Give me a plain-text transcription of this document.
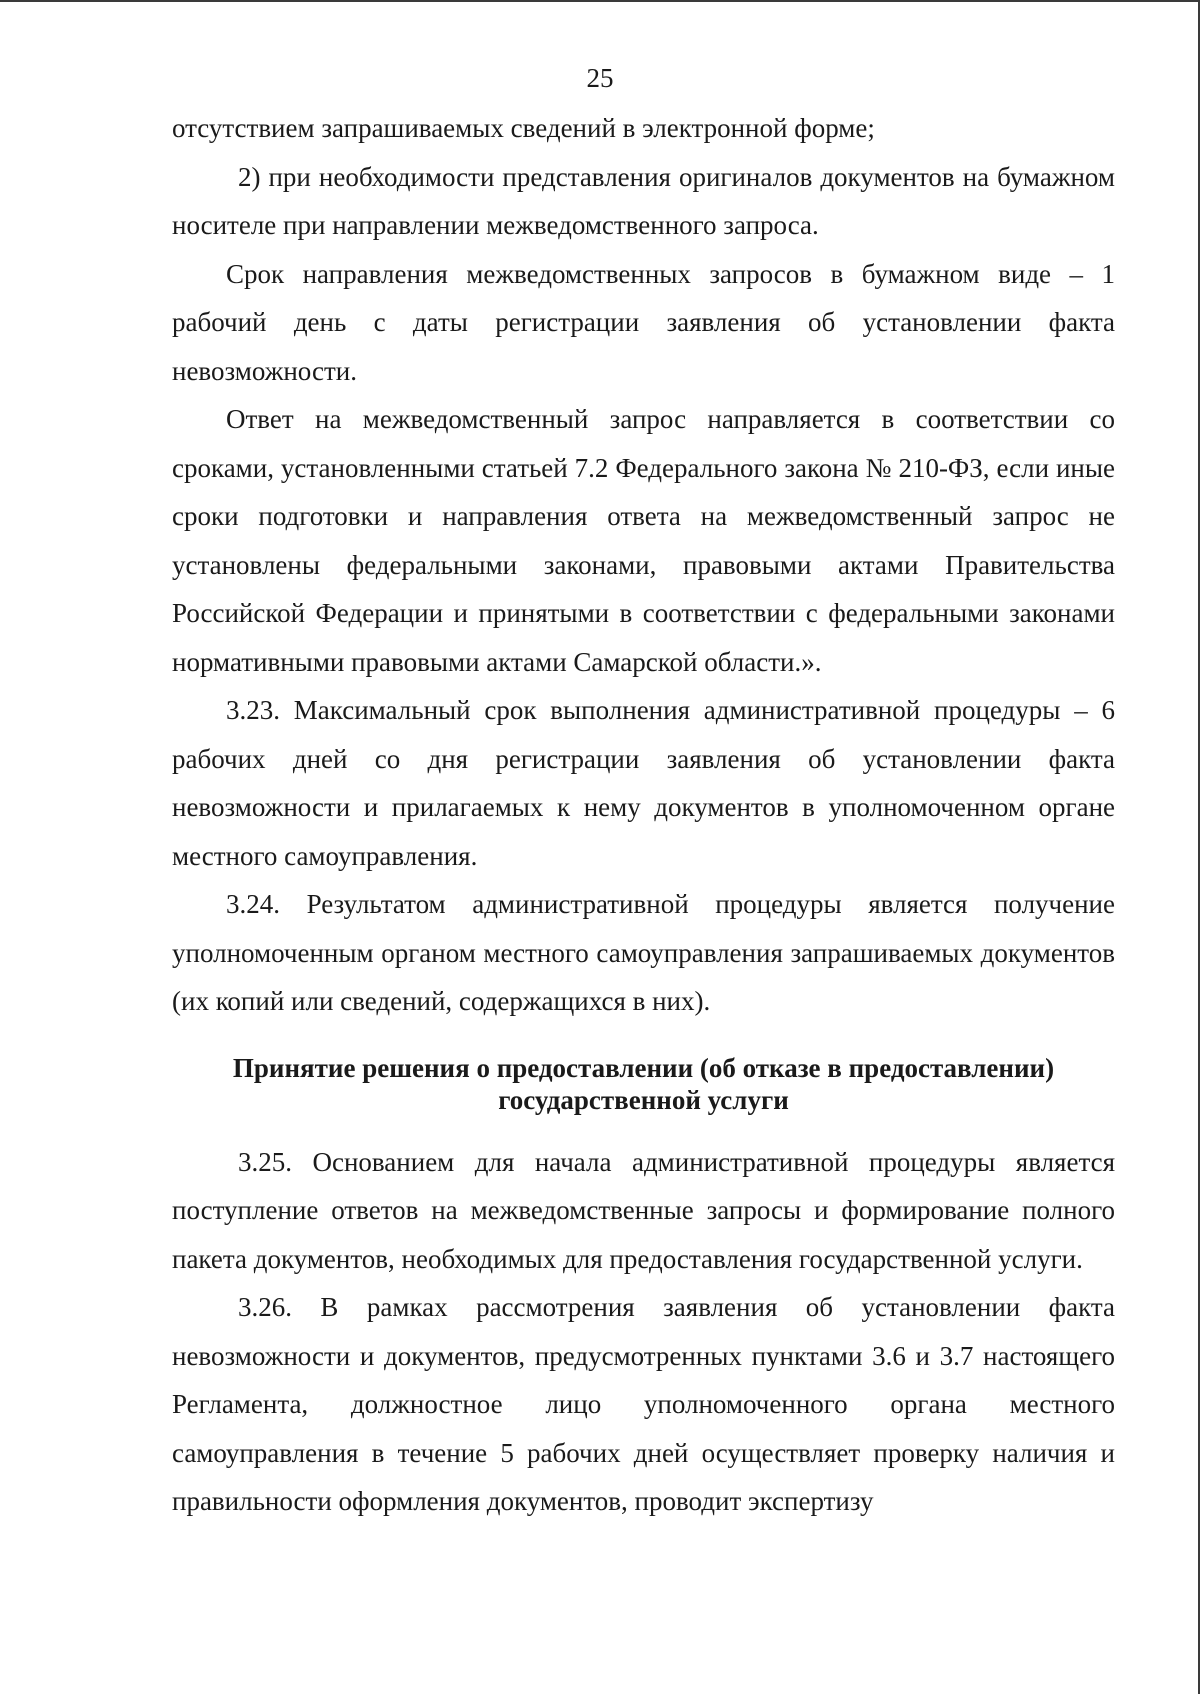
25

отсутствием запрашиваемых сведений в электронной форме;

2) при необходимости представления оригиналов документов на бумажном носителе при направлении межведомственного запроса.

Срок направления межведомственных запросов в бумажном виде – 1 рабочий день с даты регистрации заявления об установлении факта невозможности.

Ответ на межведомственный запрос направляется в соответствии со сроками, установленными статьей 7.2 Федерального закона № 210-ФЗ, если иные сроки подготовки и направления ответа на межведомственный запрос не установлены федеральными законами, правовыми актами Правительства Российской Федерации и принятыми в соответствии с федеральными законами нормативными правовыми актами Самарской области.».

3.23. Максимальный срок выполнения административной процедуры – 6 рабочих дней со дня регистрации заявления об установлении факта невозможности и прилагаемых к нему документов в уполномоченном органе местного самоуправления.

3.24. Результатом административной процедуры является получение уполномоченным органом местного самоуправления запрашиваемых документов (их копий или сведений, содержащихся в них).

Принятие решения о предоставлении (об отказе в предоставлении)
государственной услуги

3.25. Основанием для начала административной процедуры является поступление ответов на межведомственные запросы и формирование полного пакета документов, необходимых для предоставления государственной услуги.

3.26. В рамках рассмотрения заявления об установлении факта невозможности и документов, предусмотренных пунктами 3.6 и 3.7 настоящего Регламента, должностное лицо уполномоченного органа местного самоуправления в течение 5 рабочих дней осуществляет проверку наличия и правильности оформления документов, проводит экспертизу
